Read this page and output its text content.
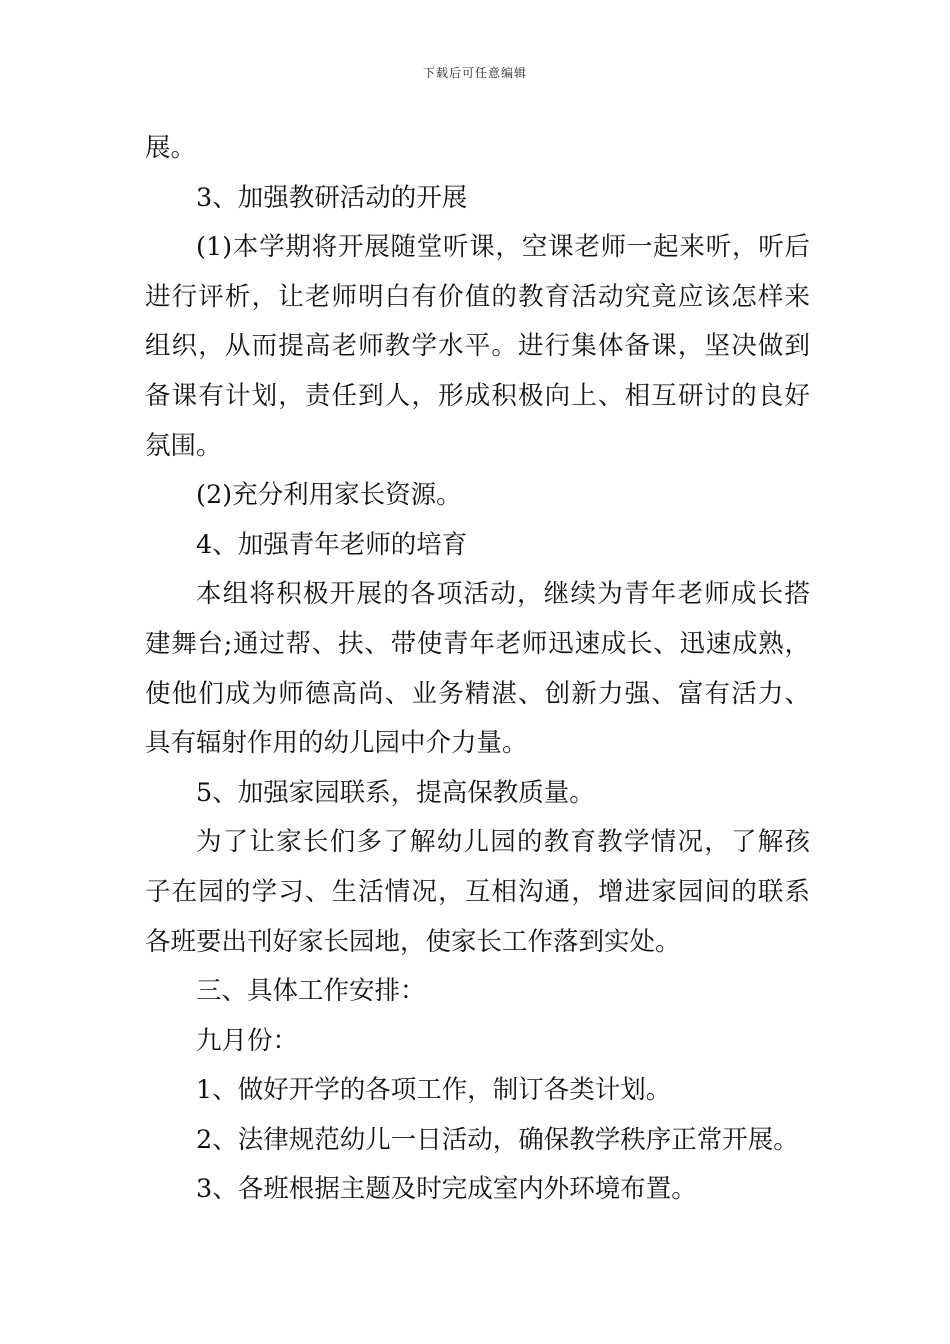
下载后可任意编辑
展。
3、加强教研活动的开展
(1)本学期将开展随堂听课，空课老师一起来听，听后
进行评析，让老师明白有价值的教育活动究竟应该怎样来
组织，从而提高老师教学水平。进行集体备课，坚决做到
备课有计划，责任到人，形成积极向上、相互研讨的良好
氛围。
(2)充分利用家长资源。
4、加强青年老师的培育
本组将积极开展的各项活动，继续为青年老师成长搭
建舞台;通过帮、扶、带使青年老师迅速成长、迅速成熟，
使他们成为师德高尚、业务精湛、创新力强、富有活力、
具有辐射作用的幼儿园中介力量。
5、加强家园联系，提高保教质量。
为了让家长们多了解幼儿园的教育教学情况，了解孩
子在园的学习、生活情况，互相沟通，增进家园间的联系
各班要出刊好家长园地，使家长工作落到实处。
三、具体工作安排：
九月份：
1、做好开学的各项工作，制订各类计划。
2、法律规范幼儿一日活动，确保教学秩序正常开展。
3、各班根据主题及时完成室内外环境布置。
